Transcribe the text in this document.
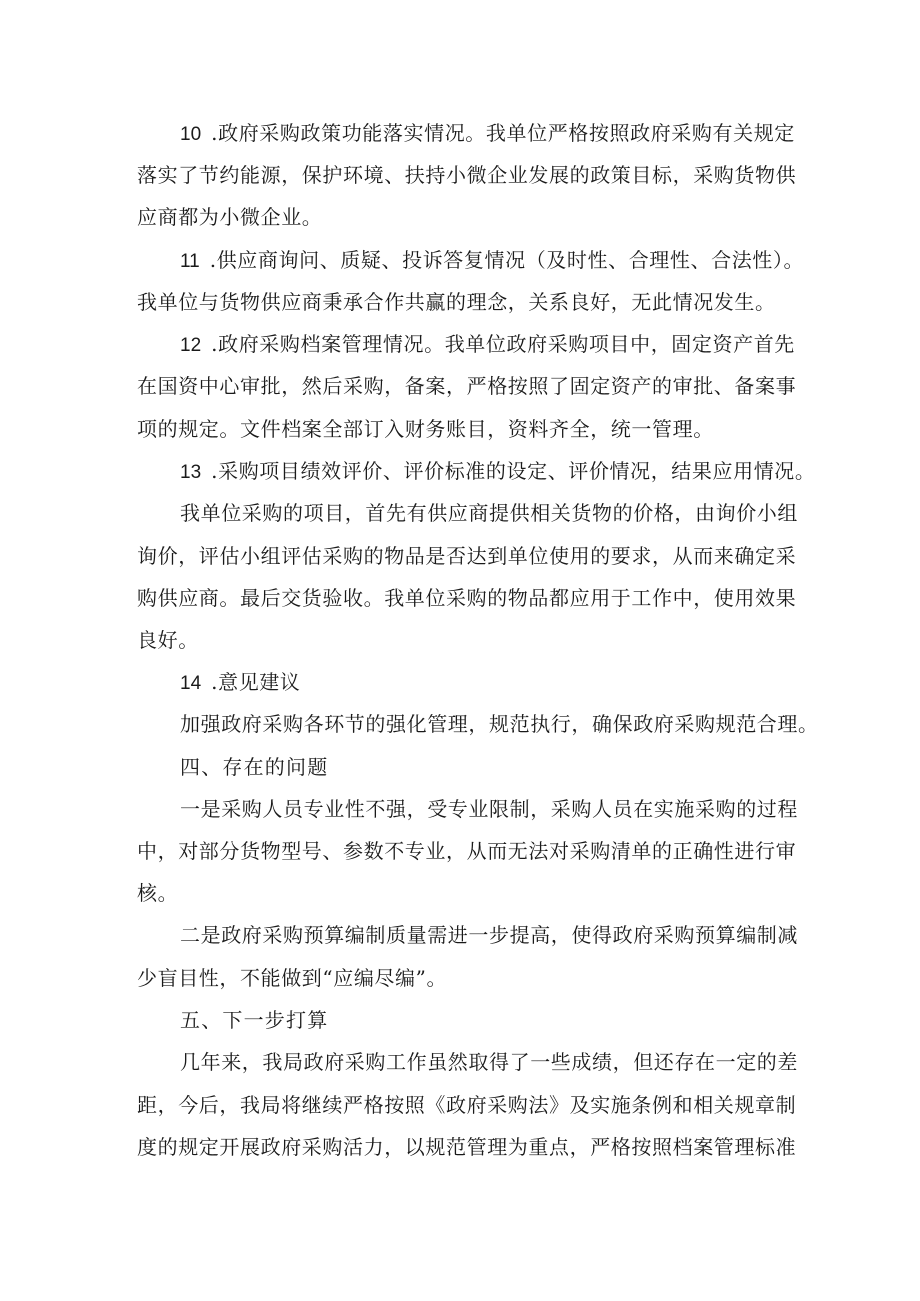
10 .政府采购政策功能落实情况。我单位严格按照政府采购有关规定
落实了节约能源，保护环境、扶持小微企业发展的政策目标，采购货物供
应商都为小微企业。
11 .供应商询问、质疑、投诉答复情况（及时性、合理性、合法性）。
我单位与货物供应商秉承合作共赢的理念，关系良好，无此情况发生。
12 .政府采购档案管理情况。我单位政府采购项目中，固定资产首先
在国资中心审批，然后采购，备案，严格按照了固定资产的审批、备案事
项的规定。文件档案全部订入财务账目，资料齐全，统一管理。
13 .采购项目绩效评价、评价标准的设定、评价情况，结果应用情况。
我单位采购的项目，首先有供应商提供相关货物的价格，由询价小组
询价，评估小组评估采购的物品是否达到单位使用的要求，从而来确定采
购供应商。最后交货验收。我单位采购的物品都应用于工作中，使用效果
良好。
14 .意见建议
加强政府采购各环节的强化管理，规范执行，确保政府采购规范合理。
四、存在的问题
一是采购人员专业性不强，受专业限制，采购人员在实施采购的过程
中，对部分货物型号、参数不专业，从而无法对采购清单的正确性进行审
核。
二是政府采购预算编制质量需进一步提高，使得政府采购预算编制减
少盲目性，不能做到“应编尽编”。
五、下一步打算
几年来，我局政府采购工作虽然取得了一些成绩，但还存在一定的差
距，今后，我局将继续严格按照《政府采购法》及实施条例和相关规章制
度的规定开展政府采购活力，以规范管理为重点，严格按照档案管理标准
